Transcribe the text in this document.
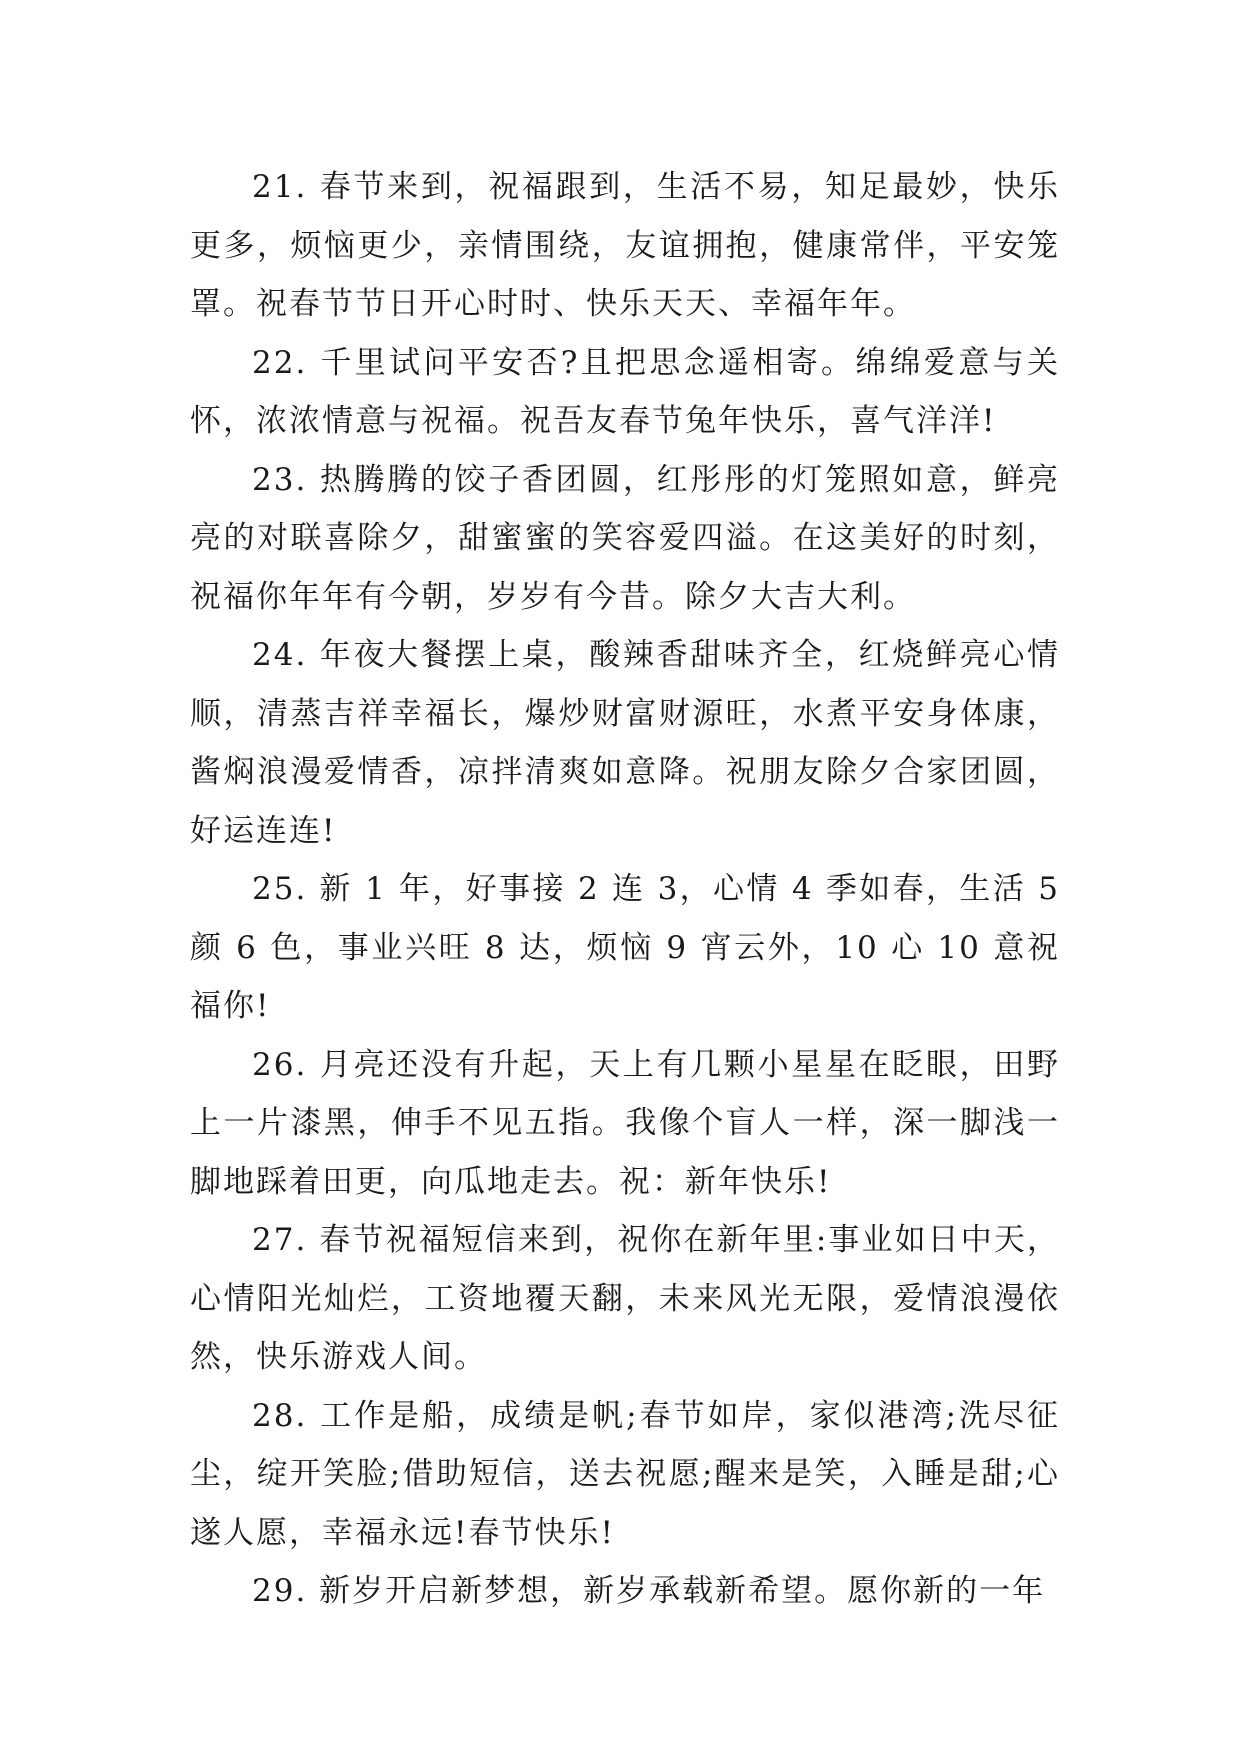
21. 春节来到，祝福跟到，生活不易，知足最妙，快乐更多，烦恼更少，亲情围绕，友谊拥抱，健康常伴，平安笼罩。祝春节节日开心时时、快乐天天、幸福年年。

22. 千里试问平安否?且把思念遥相寄。绵绵爱意与关怀，浓浓情意与祝福。祝吾友春节兔年快乐，喜气洋洋!

23. 热腾腾的饺子香团圆，红彤彤的灯笼照如意，鲜亮亮的对联喜除夕，甜蜜蜜的笑容爱四溢。在这美好的时刻，祝福你年年有今朝，岁岁有今昔。除夕大吉大利。

24. 年夜大餐摆上桌，酸辣香甜味齐全，红烧鲜亮心情顺，清蒸吉祥幸福长，爆炒财富财源旺，水煮平安身体康，酱焖浪漫爱情香，凉拌清爽如意降。祝朋友除夕合家团圆，好运连连!

25. 新 1 年，好事接 2 连 3，心情 4 季如春，生活 5 颜 6 色，事业兴旺 8 达，烦恼 9 宵云外，10 心 10 意祝福你!

26. 月亮还没有升起，天上有几颗小星星在眨眼，田野上一片漆黑，伸手不见五指。我像个盲人一样，深一脚浅一脚地踩着田更，向瓜地走去。祝：新年快乐!

27. 春节祝福短信来到，祝你在新年里:事业如日中天，心情阳光灿烂，工资地覆天翻，未来风光无限，爱情浪漫依然，快乐游戏人间。

28. 工作是船，成绩是帆;春节如岸，家似港湾;洗尽征尘，绽开笑脸;借助短信，送去祝愿;醒来是笑，入睡是甜;心遂人愿，幸福永远!春节快乐!

29. 新岁开启新梦想，新岁承载新希望。愿你新的一年
